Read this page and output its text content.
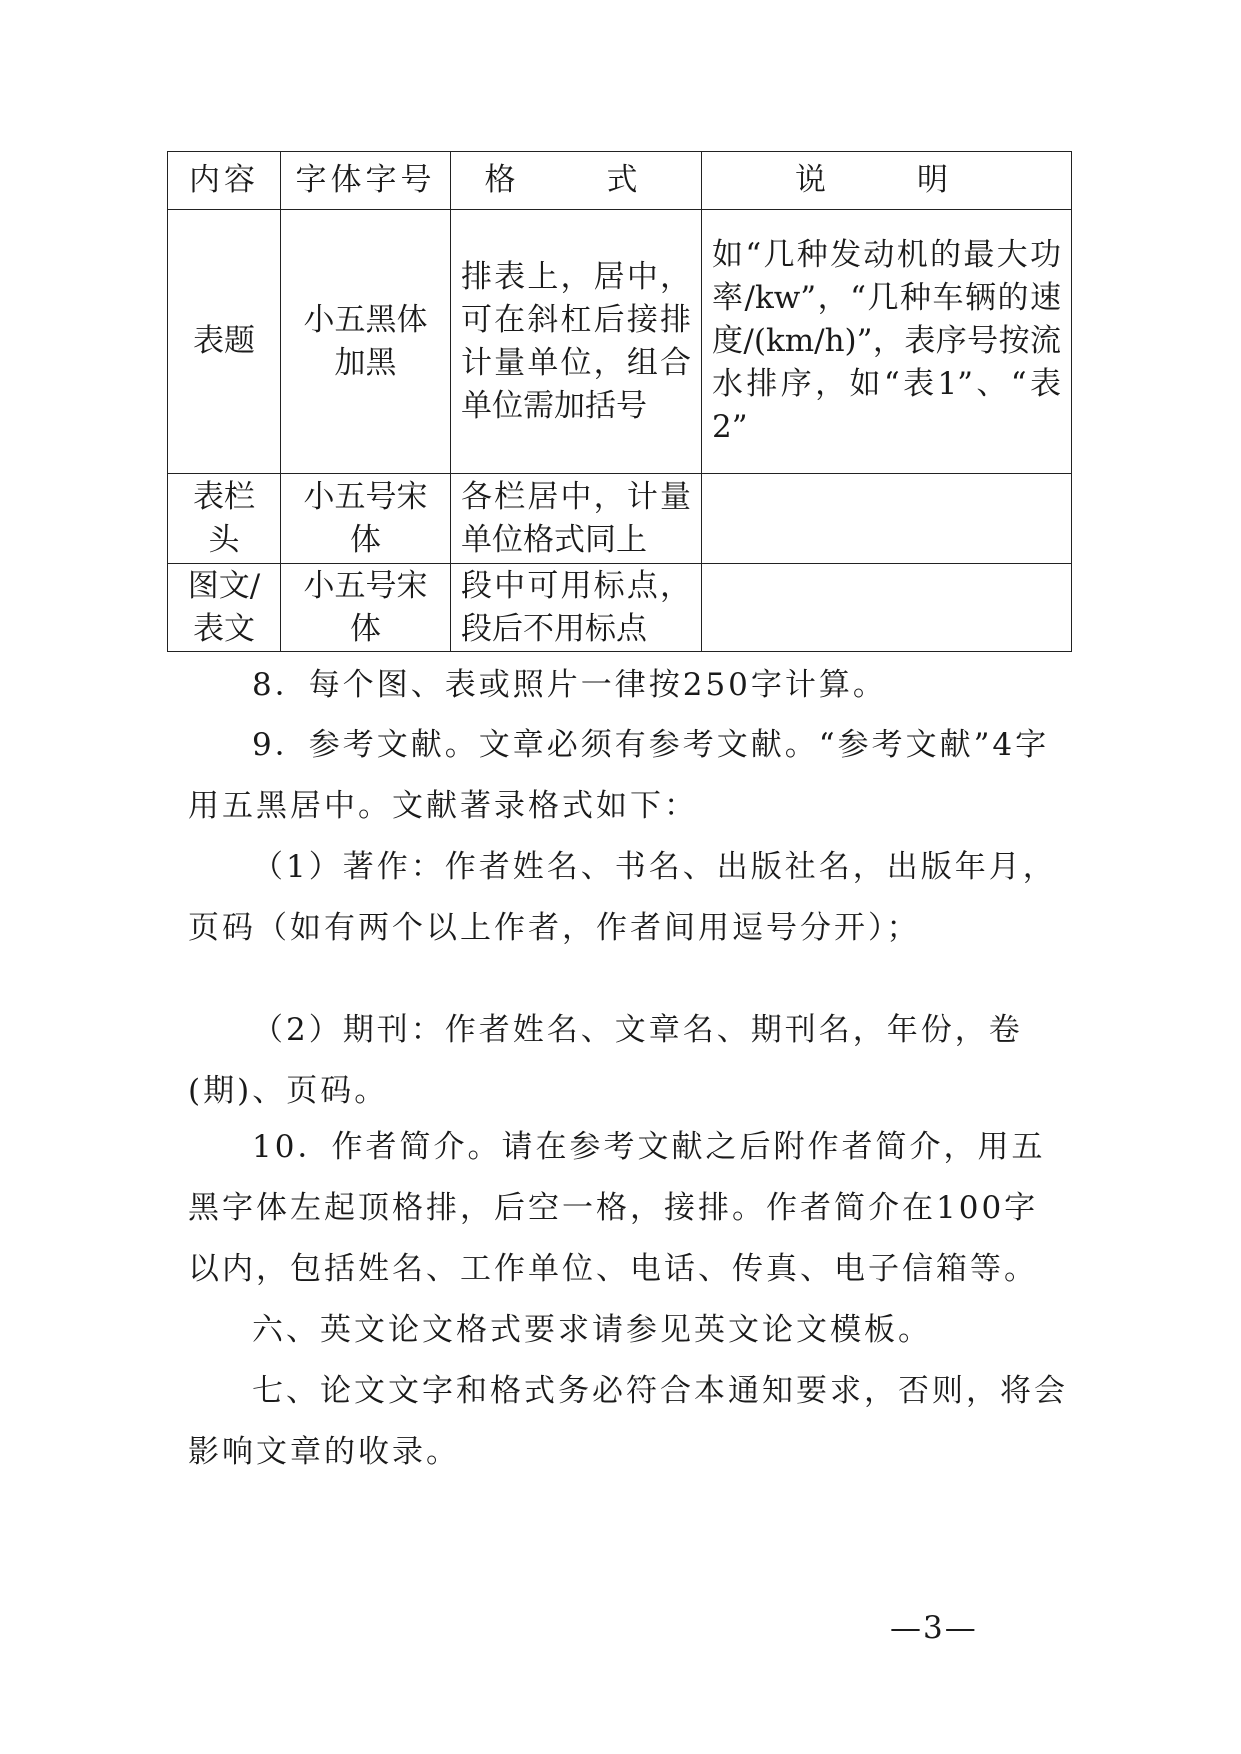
内容	字体字号	格　式	说　明
表题	小五黑体加黑	排表上，居中，可在斜杠后接排计量单位，组合单位需加括号	如“几种发动机的最大功率/kw”，“几种车辆的速度/(km/h)”，表序号按流水排序，如“表1”、“表2”
表栏头	小五号宋体	各栏居中，计量单位格式同上	
图文/表文	小五号宋体	段中可用标点，段后不用标点	

8．每个图、表或照片一律按250字计算。

9．参考文献。文章必须有参考文献。“参考文献”4字用五黑居中。文献著录格式如下：

（1）著作：作者姓名、书名、出版社名，出版年月，页码（如有两个以上作者，作者间用逗号分开）；

（2）期刊：作者姓名、文章名、期刊名，年份，卷(期)、页码。

10．作者简介。请在参考文献之后附作者简介，用五黑字体左起顶格排，后空一格，接排。作者简介在100字以内，包括姓名、工作单位、电话、传真、电子信箱等。

六、英文论文格式要求请参见英文论文模板。

七、论文文字和格式务必符合本通知要求，否则，将会影响文章的收录。

—3—
